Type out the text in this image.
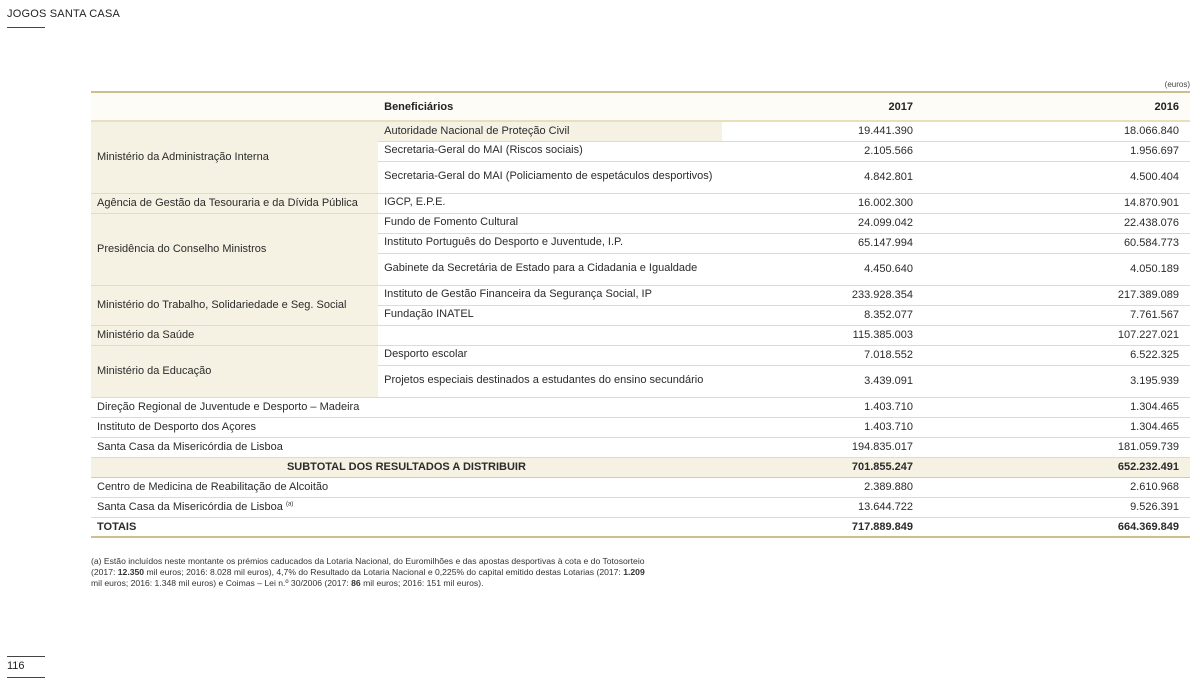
JOGOS SANTA CASA
(euros)
	Beneficiários	2017	2016
Ministério da Administração Interna	Autoridade Nacional de Proteção Civil	19.441.390	18.066.840
	Secretaria-Geral do MAI (Riscos sociais)	2.105.566	1.956.697
	Secretaria-Geral do MAI (Policiamento de espetáculos desportivos)	4.842.801	4.500.404
Agência de Gestão da Tesouraria e da Dívida Pública	IGCP, E.P.E.	16.002.300	14.870.901
Presidência do Conselho Ministros	Fundo de Fomento Cultural	24.099.042	22.438.076
	Instituto Português do Desporto e Juventude, I.P.	65.147.994	60.584.773
	Gabinete da Secretária de Estado para a Cidadania e Igualdade	4.450.640	4.050.189
Ministério do Trabalho, Solidariedade e Seg. Social	Instituto de Gestão Financeira da Segurança Social, IP	233.928.354	217.389.089
	Fundação INATEL	8.352.077	7.761.567
Ministério da Saúde		115.385.003	107.227.021
Ministério da Educação	Desporto escolar	7.018.552	6.522.325
	Projetos especiais destinados a estudantes do ensino secundário	3.439.091	3.195.939
Direção Regional de Juventude e Desporto – Madeira		1.403.710	1.304.465
Instituto de Desporto dos Açores		1.403.710	1.304.465
Santa Casa da Misericórdia de Lisboa		194.835.017	181.059.739
SUBTOTAL DOS RESULTADOS A DISTRIBUIR		701.855.247	652.232.491
Centro de Medicina de Reabilitação de Alcoitão		2.389.880	2.610.968
Santa Casa da Misericórdia de Lisboa $^{(a)}$		13.644.722	9.526.391
TOTAIS		717.889.849	664.369.849
(a) Estão incluídos neste montante os prémios caducados da Lotaria Nacional, do Euromilhões e das apostas desportivas à cota e do Totosorteio (2017: 12.350 mil euros; 2016: 8.028 mil euros), 4,7% do Resultado da Lotaria Nacional e 0,225% do capital emitido destas Lotarias (2017: 1.209 mil euros; 2016: 1.348 mil euros) e Coimas – Lei n.º 30/2006 (2017: 86 mil euros; 2016: 151 mil euros).
116
